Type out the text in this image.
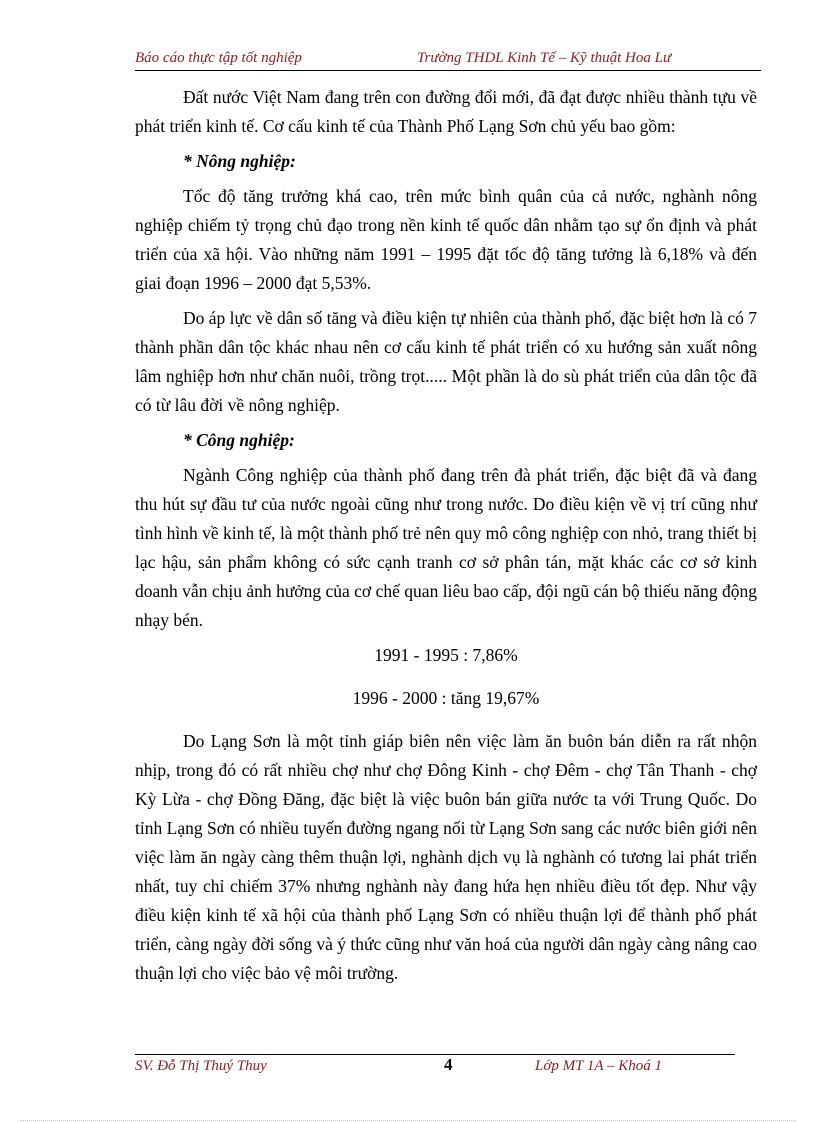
Báo cáo thực tập tốt nghiệp	Trường THDL Kinh Tế – Kỹ thuật Hoa Lư

Đất nước Việt Nam đang trên con đường đổi mới, đã đạt được nhiều thành tựu về phát triển kinh tế. Cơ cấu kinh tế của Thành Phố Lạng Sơn chủ yếu bao gồm:

* Nông nghiệp:

Tốc độ tăng trưởng khá cao, trên mức bình quân của cả nước, nghành nông nghiệp chiếm tỷ trọng chủ đạo trong nền kinh tế quốc dân nhằm tạo sự ổn định và phát triển của xã hội. Vào những năm 1991 – 1995 đặt tốc độ tăng tưởng là 6,18% và đến giai đoạn 1996 – 2000 đạt 5,53%.

Do áp lực về dân số tăng và điều kiện tự nhiên của thành phố, đặc biệt hơn là có 7 thành phần dân tộc khác nhau nên cơ cấu kinh tế phát triển có xu hướng sản xuất nông lâm nghiệp hơn như chăn nuôi, trồng trọt..... Một phần là do sù phát triển của dân tộc đã có từ lâu đời về nông nghiệp.

* Công nghiệp:

Ngành Công nghiệp của thành phố đang trên đà phát triển, đặc biệt đã và đang thu hút sự đầu tư của nước ngoài cũng như trong nước. Do điều kiện về vị trí cũng như tình hình về kinh tế, là một thành phố trẻ nên quy mô công nghiệp con nhỏ, trang thiết bị lạc hậu, sản phẩm không có sức cạnh tranh cơ sở phân tán, mặt khác các cơ sở kinh doanh vẫn chịu ảnh hưởng của cơ chế quan liêu bao cấp, đội ngũ cán bộ thiếu năng động nhạy bén.

1991 - 1995 : 7,86%

1996 - 2000 : tăng 19,67%

Do Lạng Sơn là một tỉnh giáp biên nên việc làm ăn buôn bán diễn ra rất nhộn nhịp, trong đó có rất nhiều chợ như chợ Đông Kinh - chợ Đêm - chợ Tân Thanh - chợ Kỳ Lừa - chợ Đồng Đăng, đặc biệt là việc buôn bán giữa nước ta với Trung Quốc. Do tỉnh Lạng Sơn có nhiều tuyến đường ngang nối từ Lạng Sơn sang các nước biên giới nên việc làm ăn ngày càng thêm thuận lợi, nghành dịch vụ là nghành có tương lai phát triển nhất, tuy chỉ chiếm 37% nhưng nghành này đang hứa hẹn nhiều điều tốt đẹp. Như vậy điều kiện kinh tế xã hội của thành phố Lạng Sơn có nhiều thuận lợi để thành phố phát triển, càng ngày đời sống và ý thức cũng như văn hoá của người dân ngày càng nâng cao thuận lợi cho việc bảo vệ môi trường.

SV. Đỗ Thị Thuý Thuy	4	Lớp MT 1A – Khoá 1
